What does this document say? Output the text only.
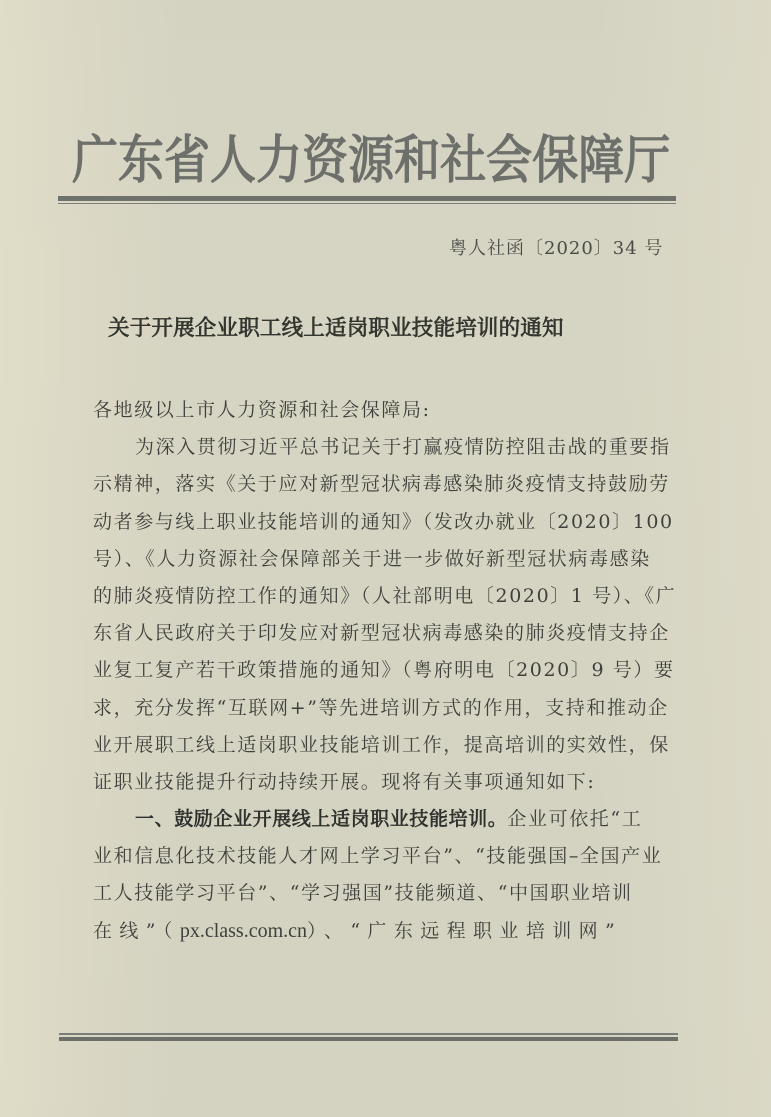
广东省人力资源和社会保障厅
粤人社函〔2020〕34 号
关于开展企业职工线上适岗职业技能培训的通知
各地级以上市人力资源和社会保障局:
为深入贯彻习近平总书记关于打赢疫情防控阻击战的重要指
示精神，落实《关于应对新型冠状病毒感染肺炎疫情支持鼓励劳
动者参与线上职业技能培训的通知》（发改办就业〔2020〕100
号）、《人力资源社会保障部关于进一步做好新型冠状病毒感染
的肺炎疫情防控工作的通知》（人社部明电〔2020〕1 号）、《广
东省人民政府关于印发应对新型冠状病毒感染的肺炎疫情支持企
业复工复产若干政策措施的通知》（粤府明电〔2020〕9 号）要
求，充分发挥“互联网+”等先进培训方式的作用，支持和推动企
业开展职工线上适岗职业技能培训工作，提高培训的实效性，保
证职业技能提升行动持续开展。现将有关事项通知如下:
一、鼓励企业开展线上适岗职业技能培训。企业可依托“工
业和信息化技术技能人才网上学习平台”、“技能强国–全国产业
工人技能学习平台”、“学习强国”技能频道、“中国职业培训
在线”（px.class.com.cn）、“广东远程职业培训网”
